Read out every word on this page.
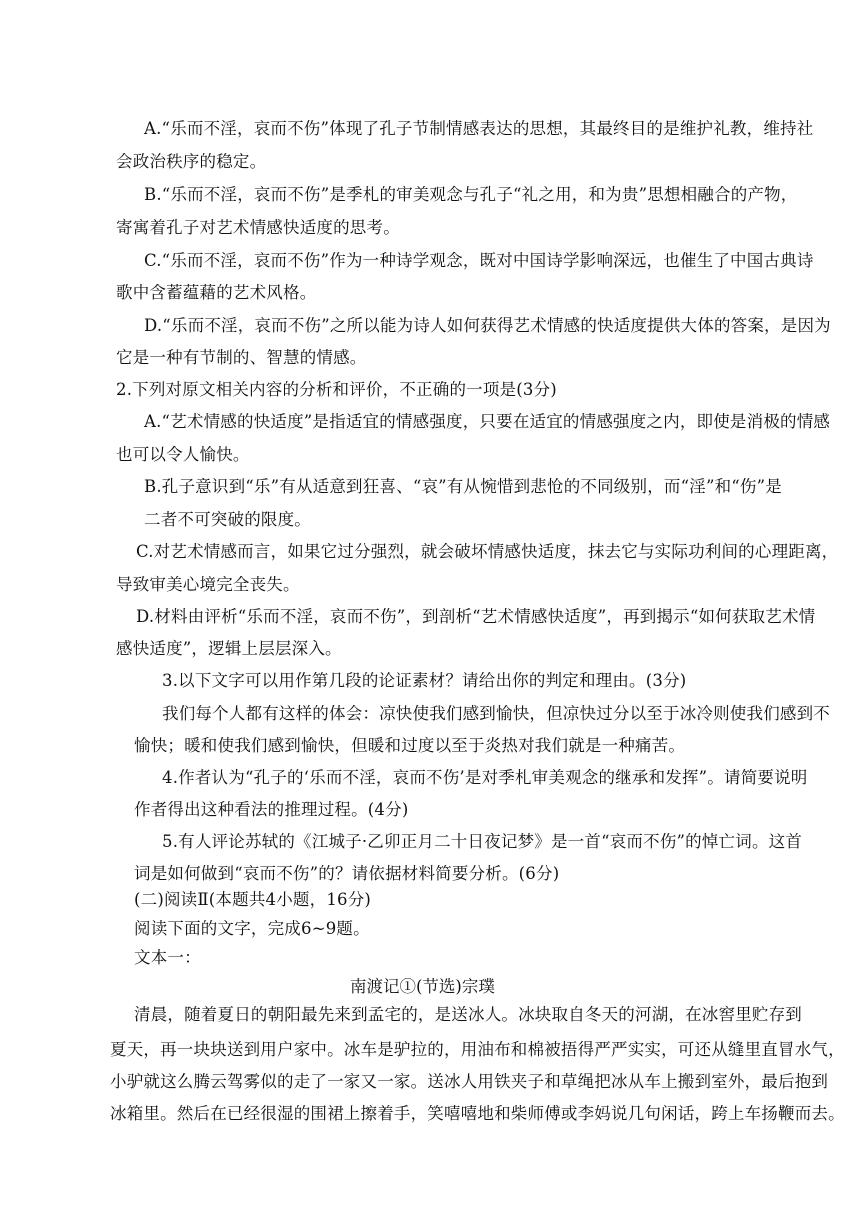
A.“乐而不淫，哀而不伤”体现了孔子节制情感表达的思想，其最终目的是维护礼教，维持社
会政治秩序的稳定。
B.“乐而不淫，哀而不伤”是季札的审美观念与孔子“礼之用，和为贵”思想相融合的产物，
寄寓着孔子对艺术情感快适度的思考。
C.“乐而不淫，哀而不伤”作为一种诗学观念，既对中国诗学影响深远，也催生了中国古典诗
歌中含蓄蕴藉的艺术风格。
D.“乐而不淫，哀而不伤”之所以能为诗人如何获得艺术情感的快适度提供大体的答案，是因为
它是一种有节制的、智慧的情感。
2.下列对原文相关内容的分析和评价，不正确的一项是(3分)
A.“艺术情感的快适度”是指适宜的情感强度，只要在适宜的情感强度之内，即使是消极的情感
也可以令人愉快。
B.孔子意识到“乐”有从适意到狂喜、“哀”有从惋惜到悲怆的不同级别，而“淫”和“伤”是
二者不可突破的限度。
C.对艺术情感而言，如果它过分强烈，就会破坏情感快适度，抹去它与实际功利间的心理距离，
导致审美心境完全丧失。
D.材料由评析“乐而不淫，哀而不伤”，到剖析“艺术情感快适度”，再到揭示“如何获取艺术情
感快适度”，逻辑上层层深入。
3.以下文字可以用作第几段的论证素材？请给出你的判定和理由。(3分)
我们每个人都有这样的体会：凉快使我们感到愉快，但凉快过分以至于冰冷则使我们感到不
愉快；暖和使我们感到愉快，但暖和过度以至于炎热对我们就是一种痛苦。
4.作者认为“孔子的‘乐而不淫，哀而不伤’是对季札审美观念的继承和发挥”。请简要说明
作者得出这种看法的推理过程。(4分)
5.有人评论苏轼的《江城子·乙卯正月二十日夜记梦》是一首“哀而不伤”的悼亡词。这首
词是如何做到“哀而不伤”的？请依据材料简要分析。(6分)
(二)阅读Ⅱ(本题共4小题，16分)
阅读下面的文字，完成6~9题。
文本一：
南渡记①(节选)宗璞
清晨，随着夏日的朝阳最先来到孟宅的，是送冰人。冰块取自冬天的河湖，在冰窖里贮存到
夏天，再一块块送到用户家中。冰车是驴拉的，用油布和棉被捂得严严实实，可还从缝里直冒水气，
小驴就这么腾云驾雾似的走了一家又一家。送冰人用铁夹子和草绳把冰从车上搬到室外，最后抱到
冰箱里。然后在已经很湿的围裙上擦着手，笑嘻嘻地和柴师傅或李妈说几句闲话，跨上车扬鞭而去。
